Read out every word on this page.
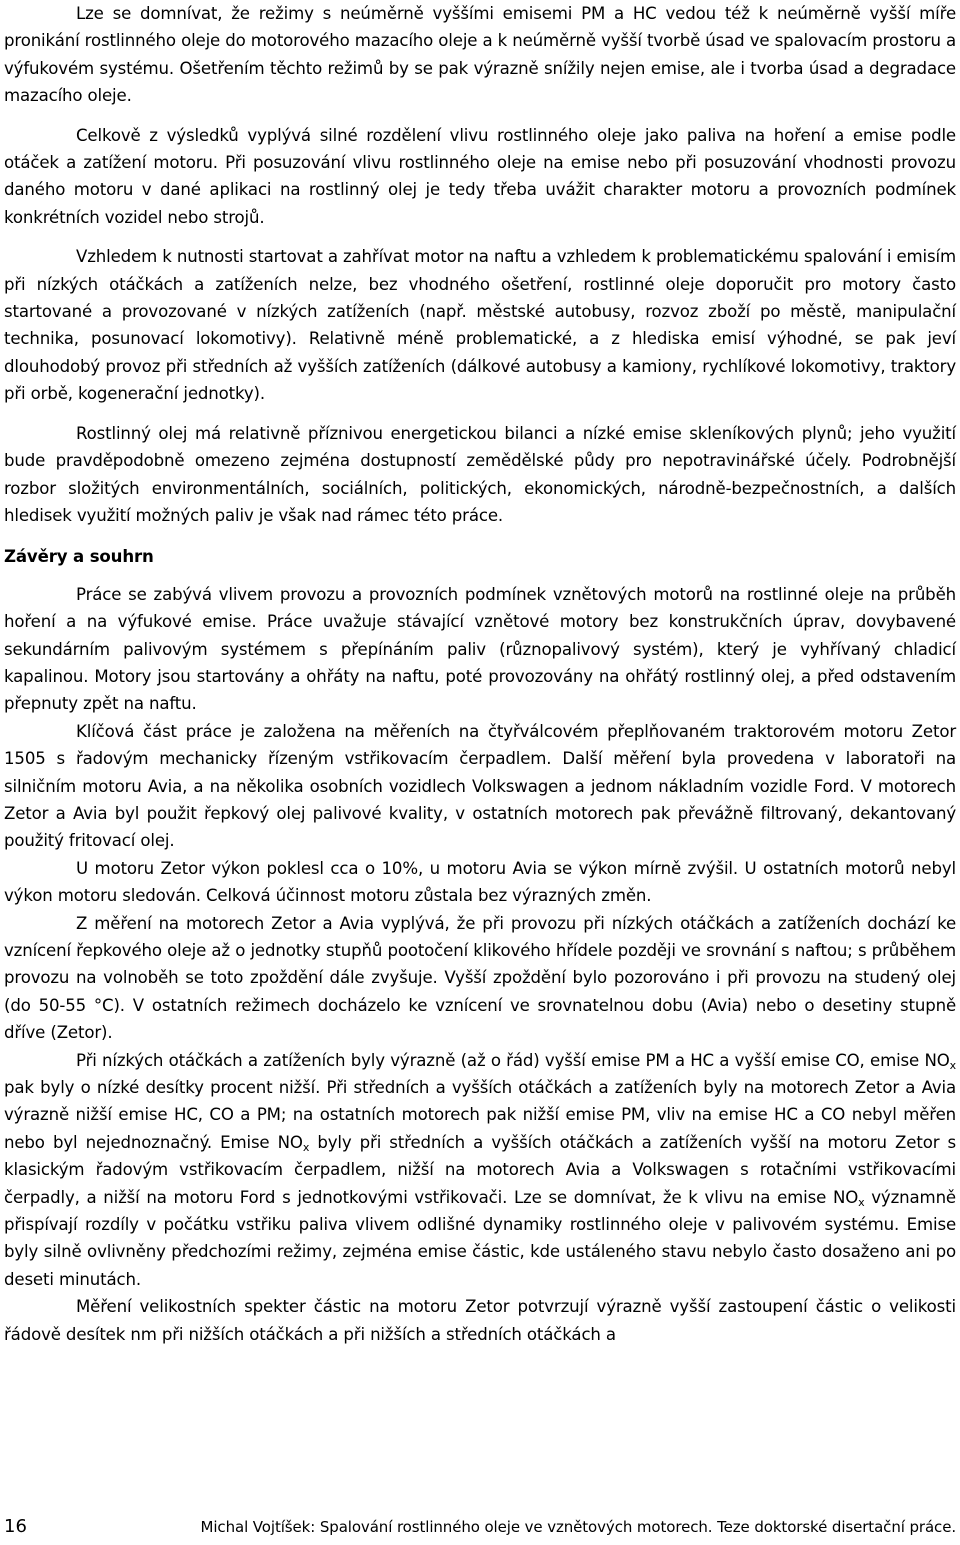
Lze se domnívat, že režimy s neúměrně vyššími emisemi PM a HC vedou též k neúměrně vyšší míře pronikání rostlinného oleje do motorového mazacího oleje a k neúměrně vyšší tvorbě úsad ve spalovacím prostoru a výfukovém systému. Ošetřením těchto režimů by se pak výrazně snížily nejen emise, ale i tvorba úsad a degradace mazacího oleje.

Celkově z výsledků vyplývá silné rozdělení vlivu rostlinného oleje jako paliva na hoření a emise podle otáček a zatížení motoru. Při posuzování vlivu rostlinného oleje na emise nebo při posuzování vhodnosti provozu daného motoru v dané aplikaci na rostlinný olej je tedy třeba uvážit charakter motoru a provozních podmínek konkrétních vozidel nebo strojů.

Vzhledem k nutnosti startovat a zahřívat motor na naftu a vzhledem k problematickému spalování i emisím při nízkých otáčkách a zatíženích nelze, bez vhodného ošetření, rostlinné oleje doporučit pro motory často startované a provozované v nízkých zatíženích (např. městské autobusy, rozvoz zboží po městě, manipulační technika, posunovací lokomotivy). Relativně méně problematické, a z hlediska emisí výhodné, se pak jeví dlouhodobý provoz při středních až vyšších zatíženích (dálkové autobusy a kamiony, rychlíkové lokomotivy, traktory při orbě, kogenerační jednotky).

Rostlinný olej má relativně příznivou energetickou bilanci a nízké emise skleníkových plynů; jeho využití bude pravděpodobně omezeno zejména dostupností zemědělské půdy pro nepotravinářské účely. Podrobnější rozbor složitých environmentálních, sociálních, politických, ekonomických, národně-bezpečnostních, a dalších hledisek využití možných paliv je však nad rámec této práce.

Závěry a souhrn

Práce se zabývá vlivem provozu a provozních podmínek vznětových motorů na rostlinné oleje na průběh hoření a na výfukové emise. Práce uvažuje stávající vznětové motory bez konstrukčních úprav, dovybavené sekundárním palivovým systémem s přepínáním paliv (různopalivový systém), který je vyhřívaný chladicí kapalinou. Motory jsou startovány a ohřáty na naftu, poté provozovány na ohřátý rostlinný olej, a před odstavením přepnuty zpět na naftu.

Klíčová část práce je založena na měřeních na čtyřválcovém přeplňovaném traktorovém motoru Zetor 1505 s řadovým mechanicky řízeným vstřikovacím čerpadlem. Další měření byla provedena v laboratoři na silničním motoru Avia, a na několika osobních vozidlech Volkswagen a jednom nákladním vozidle Ford. V motorech Zetor a Avia byl použit řepkový olej palivové kvality, v ostatních motorech pak převážně filtrovaný, dekantovaný použitý fritovací olej.

U motoru Zetor výkon poklesl cca o 10%, u motoru Avia se výkon mírně zvýšil. U ostatních motorů nebyl výkon motoru sledován. Celková účinnost motoru zůstala bez výrazných změn.

Z měření na motorech Zetor a Avia vyplývá, že při provozu při nízkých otáčkách a zatíženích dochází ke vznícení řepkového oleje až o jednotky stupňů pootočení klikového hřídele později ve srovnání s naftou; s průběhem provozu na volnoběh se toto zpoždění dále zvyšuje. Vyšší zpoždění bylo pozorováno i při provozu na studený olej (do 50-55 °C). V ostatních režimech docházelo ke vznícení ve srovnatelnou dobu (Avia) nebo o desetiny stupně dříve (Zetor).

Při nízkých otáčkách a zatíženích byly výrazně (až o řád) vyšší emise PM a HC a vyšší emise CO, emise $NO_x$ pak byly o nízké desítky procent nižší. Při středních a vyšších otáčkách a zatíženích byly na motorech Zetor a Avia výrazně nižší emise HC, CO a PM; na ostatních motorech pak nižší emise PM, vliv na emise HC a CO nebyl měřen nebo byl nejednoznačný. Emise $NO_x$ byly při středních a vyšších otáčkách a zatíženích vyšší na motoru Zetor s klasickým řadovým vstřikovacím čerpadlem, nižší na motorech Avia a Volkswagen s rotačními vstřikovacími čerpadly, a nižší na motoru Ford s jednotkovými vstřikovači. Lze se domnívat, že k vlivu na emise $NO_x$ významně přispívají rozdíly v počátku vstřiku paliva vlivem odlišné dynamiky rostlinného oleje v palivovém systému. Emise byly silně ovlivněny předchozími režimy, zejména emise částic, kde ustáleného stavu nebylo často dosaženo ani po deseti minutách.

Měření velikostních spekter částic na motoru Zetor potvrzují výrazně vyšší zastoupení částic o velikosti řádově desítek nm při nižších otáčkách a při nižších a středních otáčkách a

16	Michal Vojtíšek: Spalování rostlinného oleje ve vznětových motorech. Teze doktorské disertační práce.
